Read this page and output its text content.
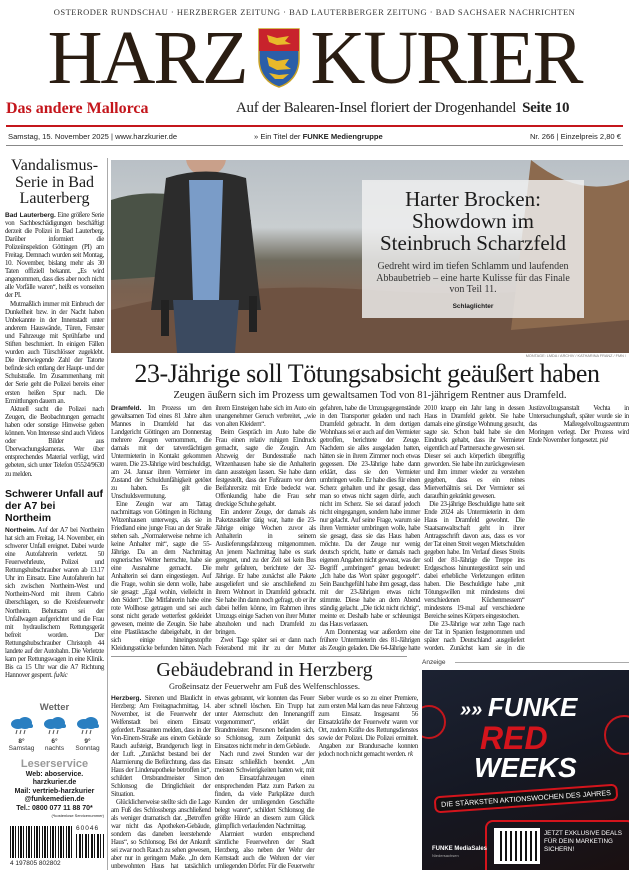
OSTERODER RUNDSCHAU · HERZBERGER ZEITUNG · BAD LAUTERBERGER ZEITUNG · BAD SACHSAER NACHRICHTEN
HARZ KURIER
Das andere Mallorca	Auf der Balearen-Insel floriert der Drogenhandel Seite 10
Samstag, 15. November 2025 | www.harzkurier.de	» Ein Titel der FUNKE Mediengruppe	Nr. 266 | Einzelpreis 2,80 €
Vandalismus-Serie in Bad Lauterberg

Bad Lauterberg. Eine größere Serie von Sachbeschädigungen beschäftigt derzeit die Polizei in Bad Lauterberg. Darüber informiert die Polizeiinspektion Göttingen (PI) am Freitag. Demnach wurden seit Montag, 10. November, bislang mehr als 30 Taten offiziell bekannt. „Es wird angenommen, dass dies aber noch nicht alle Vorfälle waren“, heißt es vonseiten der PI.

Mutmaßlich immer mit Einbruch der Dunkelheit bzw. in der Nacht haben Unbekannte in der Innenstadt unter anderem Hauswände, Türen, Fenster und Fahrzeuge mit Sprühfarbe und Stiften beschmiert. In einigen Fällen wurden auch Türschlösser zugeklebt. Die überwiegende Zahl der Tatorte befinde sich entlang der Haupt- und der Schulstraße. Im Zusammenhang mit der Serie geht die Polizei bereits einer ersten heißen Spur nach. Die Ermittlungen dauern an.

Aktuell sucht die Polizei nach Zeugen, die Beobachtungen gemacht haben oder sonstige Hinweise geben können. Von Interesse sind auch Videos oder Bilder aus Überwachungskameras. Wer über entsprechendes Material verfügt, wird gebeten, sich unter Telefon 05524/9630 zu melden.

Schwerer Unfall auf der A7 bei Northeim

Northeim. Auf der A7 bei Northeim hat sich am Freitag, 14. November, ein schwerer Unfall ereignet. Dabei wurde eine Autofahrerin verletzt. 50 Feuerwehrleute, Polizei und Rettungshubschrauber waren ab 13.17 Uhr im Einsatz. Eine Autofahrerin hat sich zwischen Northeim-West und Northeim-Nord mit ihrem Cabrio überschlagen, so die Kreisfeuerwehr Northeim. Behutsam sei der Unfallwagen aufgerichtet und die Frau mit hydraulischem Rettungsgerät befreit worden. Der Rettungshubschrauber Christoph 44 landete auf der Autobahn. Die Verletzte kam per Rettungswagen in eine Klinik. Bis ca 15 Uhr war die A7 Richtung Hannover gesperrt. fu/kic

Wetter
8°
Samstag
6°
nachts
9°
Sonntag
Leserservice
Web: aboservice. harzkurier.de
Mail: vertrieb-harzkurier @funkemedien.de
Tel.: 0800 077 11 88 70*
(*kostenlose Servicenummer)
60046
4 197805 802802
Harter Brocken: Showdown im Steinbruch Scharzfeld

Gedreht wird im tiefen Schlamm und laufenden Abbaubetrieb – eine harte Kulisse für das Finale von Teil 11.

Schlaglichter
MONTAGE: LMDA / ARCHIV / KATHARINA FRANZ / FMN /
23-Jährige soll Tötungsabsicht geäußert haben
Zeugen äußern sich im Prozess um gewaltsamen Tod von 81-jährigem Rentner aus Dramfeld.

Dramfeld. Im Prozess um den gewaltsamen Tod eines 81 Jahre alten Mannes in Dramfeld hat das Landgericht Göttingen am Donnerstag mehrere Zeugen vernommen, die damals mit der tatverdächtigen Untermieterin in Kontakt gekommen waren. Die 23-Jährige wird beschuldigt, am 24. Januar ihren Vermieter im Zustand der Schuldunfähigkeit getötet zu haben. Es gilt die Unschuldsvermutung.

Eine Zeugin war am Tattag nachmittags von Göttingen in Richtung Witzenhausen unterwegs, als sie in Friedland eine junge Frau an der Straße stehen sah. „Normalerweise nehme ich keine Anhalter mit“, sagte die 55-Jährige. Da an dem Nachmittag regnerisches Wetter herrschte, habe sie eine Ausnahme gemacht. Die Anhalterin sei dann eingestiegen. Auf die Frage, wohin sie denn wolle, habe sie gesagt: „Egal wohin, vielleicht in den Süden“. Die Mitfahrerin habe eine rote Wollhose getragen und sei auch sonst nicht gerade wetterfest gekleidet gewesen, meinte die Zeugin. Sie habe eine Plastiktasche dabeigehabt, in der sich einige hineingestopfte Kleidungsstücke befunden hätten. Nach ihrem Einsteigen habe sich im Auto ein unangenehmer Geruch verbreitet, „wie von alten Kleidern“.

Beim Gespräch im Auto habe die Frau einen relativ ruhigen Eindruck gemacht, sagte die Zeugin. Am Abzweig der Bundesstraße nach Witzenhausen habe sie die Anhalterin dann aussteigen lassen. Sie habe dann festgestellt, dass der Fußraum vor dem Beifahrersitz mit Erde bedeckt war. Offenkundig habe die Frau sehr dreckige Schuhe gehabt.

Ein anderer Zeuge, der damals als Paketzusteller tätig war, hatte die 23-Jährige einige Wochen zuvor als Anhalterin in seinem Auslieferungsfahrzeug mitgenommen. An jenem Nachmittag habe es stark geregnet, und zu der Zeit sei kein Bus mehr gefahren, berichtete der 32-Jährige. Er habe zunächst alle Pakete ausgeliefert und sie anschließend zu ihrem Wohnort in Dramfeld gebracht. Sie habe ihn dann noch gefragt, ob er ihr dabei helfen könne, im Rahmen ihres Umzugs einige Sachen von ihrer Mutter abzuholen und nach Dramfeld zu bringen.

Zwei Tage später sei er dann nach Feierabend mit ihr zu der Mutter gefahren, habe die Umzugsgegenstände in den Transporter geladen und nach Dramfeld gebracht. In dem dortigen Wohnhaus sei er auch auf den Vermieter getroffen, berichtete der Zeuge. Nachdem sie alles ausgeladen hatten, hätten sie in ihrem Zimmer noch etwas gegessen. Die 23-Jährige habe dann erklärt, dass sie den Vermieter umbringen wolle. Er habe dies für einen Scherz gehalten und ihr gesagt, dass man so etwas nicht sagen dürfe, auch nicht im Scherz. Sie sei darauf jedoch nicht eingegangen, sondern habe immer nur gelacht. Auf seine Frage, warum sie ihren Vermieter umbringen wolle, habe sie gesagt, dass sie das Haus haben möchte. Da der Zeuge nur wenig deutsch spricht, hatte er damals nach eigenen Angaben nicht gewusst, was der Begriff „umbringen“ genau bedeutet: „Ich habe das Wort später gegoogelt“. Sein Bauchgefühl habe ihm gesagt, dass mit der 23-Jährigen etwas nicht stimmte. Diese habe an dem Abend ständig gelacht. „Die tickt nicht richtig“, meinte er. Deshalb habe er schleunigst das Haus verlassen.

Am Donnerstag war außerdem eine frühere Untermieterin des 81-Jährigen als Zeugin geladen. Die 64-Jährige hatte 2010 knapp ein Jahr lang in dessen Haus in Dramfeld gelebt. Sie habe damals eine günstige Wohnung gesucht, sagte sie. Schon bald habe sie den Eindruck gehabt, dass ihr Vermieter eigentlich auf Partnersuche gewesen sei. Dieser sei auch körperlich übergriffig geworden. Sie habe ihn zurückgewiesen und ihm immer wieder zu verstehen gegeben, dass es ein reines Mietverhältnis sei. Der Vermieter sei daraufhin gekränkt gewesen.

Die 23-jährige Beschuldigte hatte seit Ende 2024 als Untermieterin in dem Haus in Dramfeld gewohnt. Die Staatsanwaltschaft geht in ihrer Antragsschrift davon aus, dass es vor der Tat einen Streit wegen Mietschulden gegeben habe. Im Verlauf dieses Streits soll der 81-Jährige die Treppe ins Erdgeschoss hinuntergestürzt sein und dabei erhebliche Verletzungen erlitten haben. Die Beschuldigte habe „mit Tötungswillen mit mindestens drei verschiedenen Küchenmessern“ mindestens 19-mal auf verschiedene Bereiche seines Körpers eingestochen.

Die 23-Jährige war zehn Tage nach der Tat in Spanien festgenommen und später nach Deutschland ausgeliefert worden. Zunächst kam sie in die Justizvollzugsanstalt Vechta in Untersuchungshaft, später wurde sie in das Maßregelvollzugszentrum Moringen verlegt. Der Prozess wird Ende November fortgesetzt. pid

Gebäudebrand in Herzberg
Großeinsatz der Feuerwehr am Fuß des Welfenschlosses.

Herzberg. Sirenen und Blaulicht in Herzberg: Am Freitagnachmittag, 14. November, ist die Feuerwehr der Welfenstadt bei einem Einsatz gefordert. Passanten melden, dass in der Von-Einem-Straße aus einem Gebäude Rauch aufsteigt, Brandgeruch liegt in der Luft. „Zunächst bestand bei der Alarmierung die Befürchtung, dass das Haus der Lindenapotheke betroffen ist“, schildert Ortsbrandmeister Simon Schlonsog die Dringlichkeit der Situation.

Glücklicherweise stellte sich die Lage am Fuß des Schlossbergs anschließend als weniger dramatisch dar. „Betroffen war nicht das Apotheken-Gebäude, sondern das daneben leerstehende Haus“, so Schlonsog. Bei der Ankunft sei zwar noch Rauch zu sehen gewesen, aber nur in geringem Maße. „In dem unbewohnten Haus hat tatsächlich etwas gebrannt, wir konnten das Feuer aber schnell löschen. Ein Trupp hat unter Atemschutz den Innenangriff vorgenommen“, erklärt der Brandmeister. Personen befanden sich, so Schlonsog, zum Zeitpunkt des Einsatzes nicht mehr in dem Gebäude.

Nach rund zwei Stunden war der Einsatz schließlich beendet. „Am meisten Schwierigkeiten hatten wir, mit den Einsatzfahrzeugen einen entsprechenden Platz zum Parken zu finden, da viele Parkplätze durch Kunden der umliegenden Geschäfte belegt waren“, schildert Schlonsog die größte Hürde an diesem zum Glück glimpflich verlaufenden Nachmittag.

Alarmiert wurden entsprechend sämtliche Feuerwehren der Stadt Herzberg, also neben der Wehr der Kernstadt auch die Wehren der vier umliegenden Dörfer. Für die Feuerwehr Sieber wurde es so zu einer Premiere, zum ersten Mal kam das neue Fahrzeug zum Einsatz. Insgesamt 56 Einsatzkräfte der Feuerwehr waren vor Ort, zudem Kräfte des Rettungsdienstes sowie der Polizei. Die Polizei ermittelt. Angaben zur Brandursache konnten jedoch noch nicht gemacht werden. rk

Anzeige
»» FUNKE
RED
WEEKS
DIE STÄRKSTEN AKTIONSWOCHEN DES JAHRES
JETZT EXKLUSIVE DEALS FÜR DEIN MARKETING SICHERN!
FUNKE MediaSales
Niedersachsen
